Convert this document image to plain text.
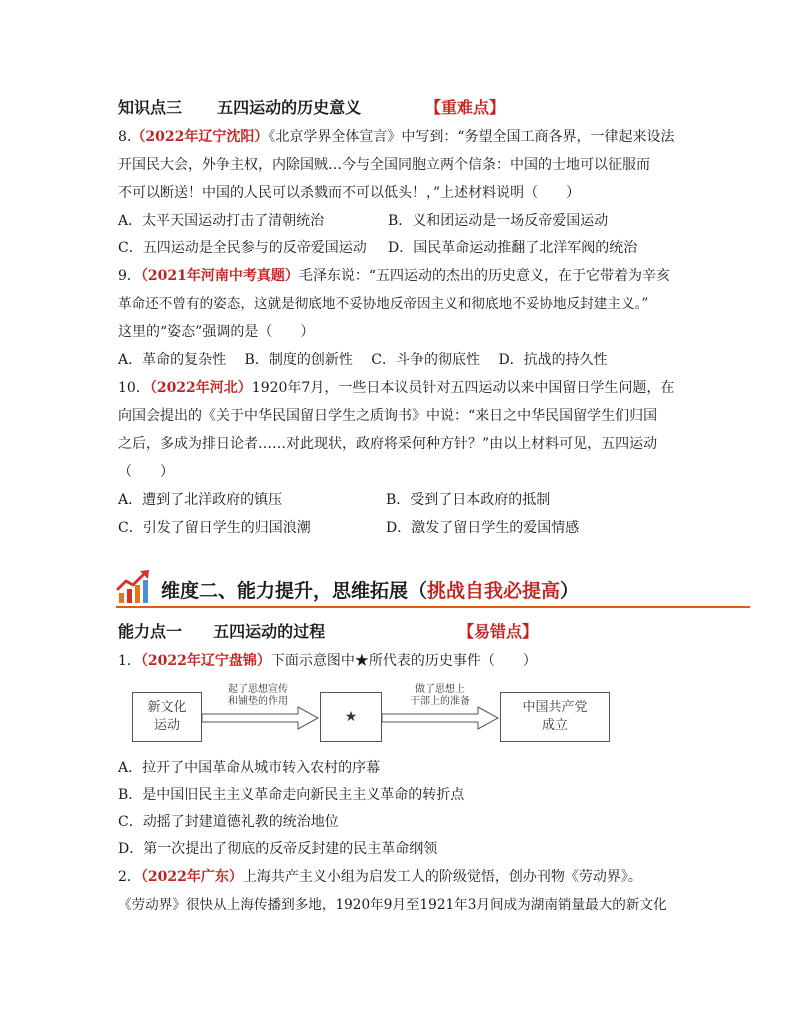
知识点三 五四运动的历史意义	【重难点】
8.（2022年辽宁沈阳）《北京学界全体宣言》中写到：“务望全国工商各界，一律起来设法
开国民大会，外争主权，内除国贼…今与全国同胞立两个信条：中国的士地可以征服而
不可以断送！中国的人民可以杀戮而不可以低头！，”上述材料说明（　　）
A．太平天国运动打击了清朝统治	B．义和团运动是一场反帝爱国运动
C．五四运动是全民参与的反帝爱国运动 D．国民革命运动推翻了北洋军阀的统治
9．（2021年河南中考真题）毛泽东说：“五四运动的杰出的历史意义，在于它带着为辛亥
革命还不曾有的姿态，这就是彻底地不妥协地反帝因主义和彻底地不妥协地反封建主义。”
这里的“姿态”强调的是（　　）
A．革命的复杂性　 B．制度的创新性　 C．斗争的彻底性　 D．抗战的持久性
10．（2022年河北）1920年7月，一些日本议员针对五四运动以来中国留日学生问题，在
向国会提出的《关于中华民国留日学生之质询书》中说：“来日之中华民国留学生们归国
之后，多成为排日论者……对此现状，政府将采何种方针？”由以上材料可见，五四运动
（　　）
A．遭到了北洋政府的镇压	B．受到了日本政府的抵制
C．引发了留日学生的归国浪潮	D．激发了留日学生的爱国情感
维度二、能力提升，思维拓展（挑战自我必提高）
能力点一 五四运动的过程	【易错点】
1．（2022年辽宁盘锦）下面示意图中★所代表的历史事件（　　）
新文化
运动
起了思想宣传
和铺垫的作用
★
做了思想上
干部上的准备	中国共产党
成立
A．拉开了中国革命从城市转入农村的序幕
B．是中国旧民主主义革命走向新民主主义革命的转折点
C．动摇了封建道德礼教的统治地位
D．第一次提出了彻底的反帝反封建的民主革命纲领
2．（2022年广东）上海共产主义小组为启发工人的阶级觉悟，创办刊物《劳动界》。
《劳动界》很快从上海传播到多地，1920年9月至1921年3月间成为湖南销量最大的新文化
